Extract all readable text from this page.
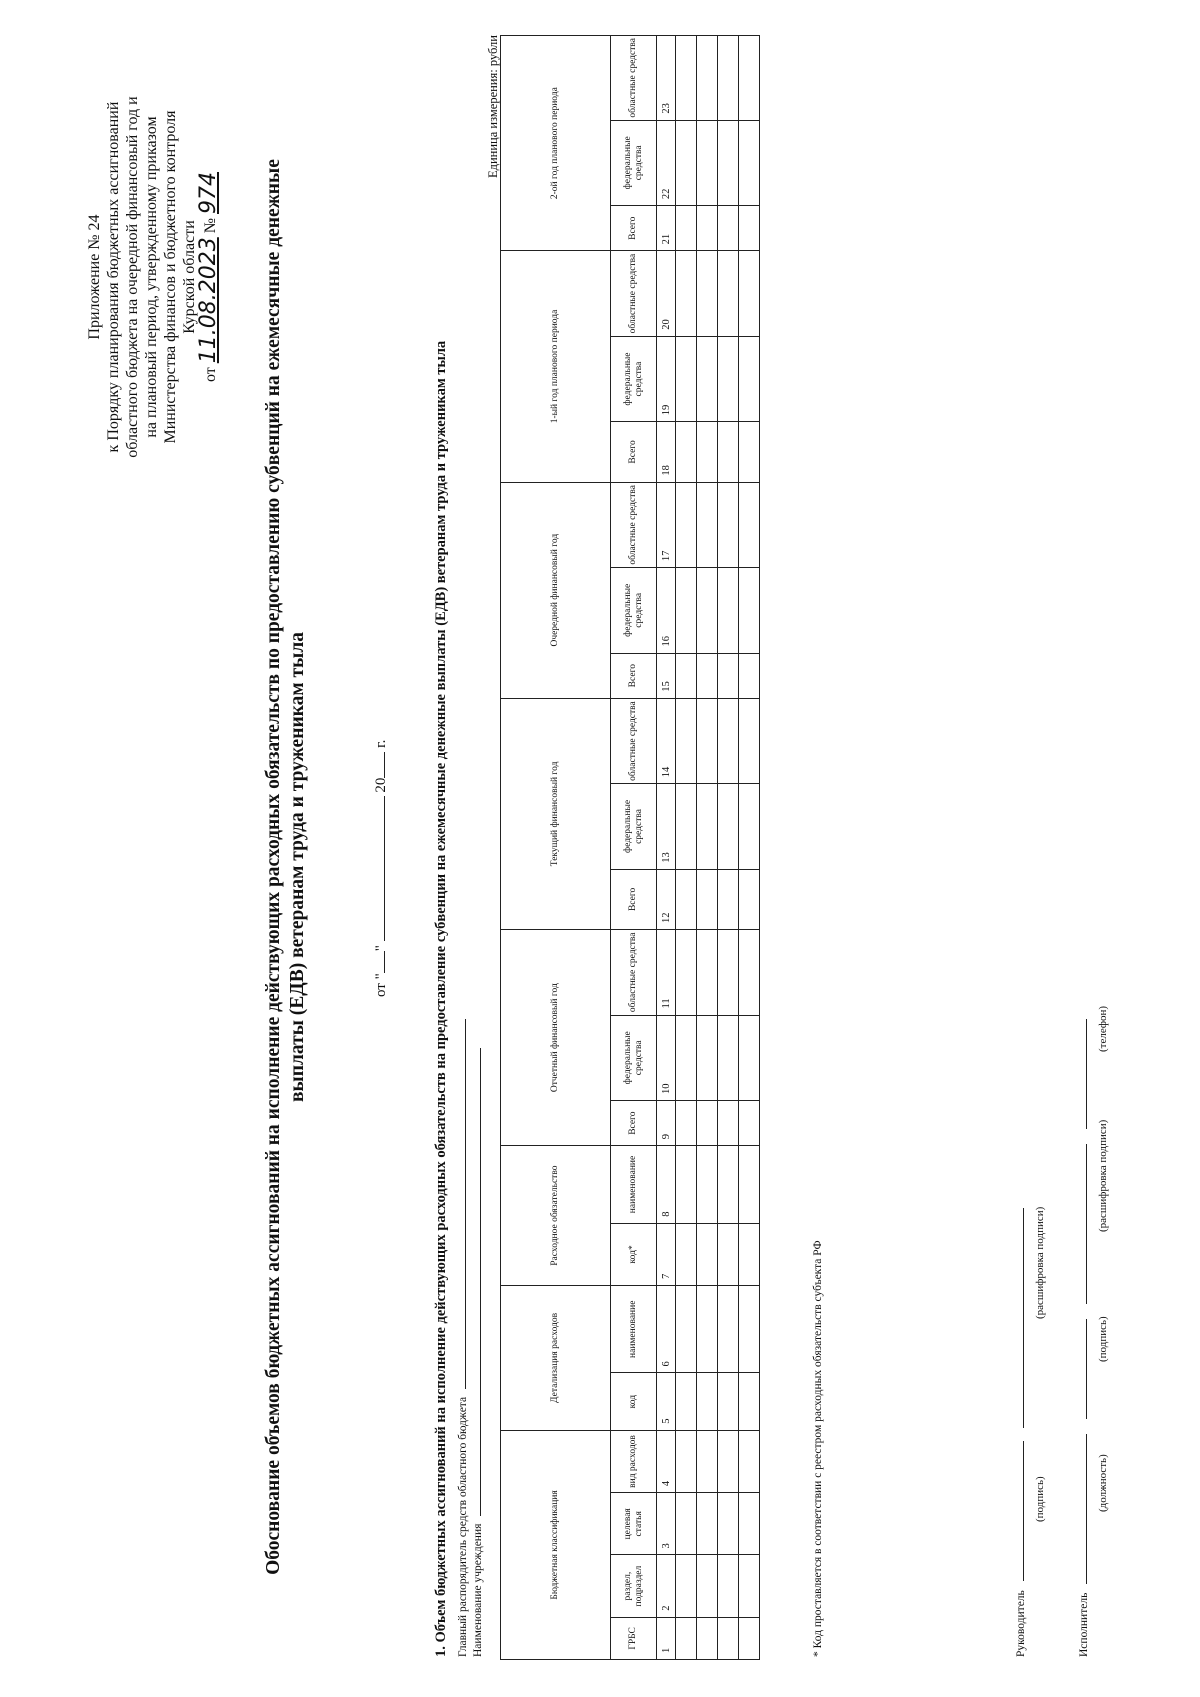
Приложение № 24 к Порядку планирования бюджетных ассигнований областного бюджета на очередной финансовый год и на плановый период, утвержденному приказом Министерства финансов и бюджетного контроля Курской области
от 11.08.2023 № 974 Обоснование объемов бюджетных ассигнований на исполнение действующих расходных обязательств по предоставлению субвенций на ежемесячные денежные выплаты (ЕДВ) ветеранам труда и труженикам тыла	от ""  20 г.	1. Объем бюджетных ассигнований на исполнение действующих расходных обязательств на предоставление субвенции на ежемесячные денежные выплаты (ЕДВ) ветеранам труда и труженикам тыла Главный распорядитель средств областного бюджета Наименование учреждения
Единица измерения: рубли
Бюджетная классификация				Детализация расходов		Расходное обязательство		Отчетный финансовый год			Текущий финансовый год			Очередной финансовый год			1-ый год планового периода			2-ой год планового периода		
ГРБС	раздел, подраздел	целевая статья	вид расходов	код	наименование	код*	наименование	Всего	федеральные средства	областные средства	Всего	федеральные средства	областные средства	Всего	федеральные средства	областные средства	Всего	федеральные средства	областные средства	Всего	федеральные средства	областные средства
1	2	3	4	5	6	7	8	9	10	11	12	13	14	15	16	17	18	19	20	21	22	23

* Код проставляется в соответствии с реестром расходных обязательств субъекта РФ	Руководитель
(подпись)
(расшифровка подписи)
Исполнитель
(должность)
(подпись)
(расшифровка подписи)
(телефон)
